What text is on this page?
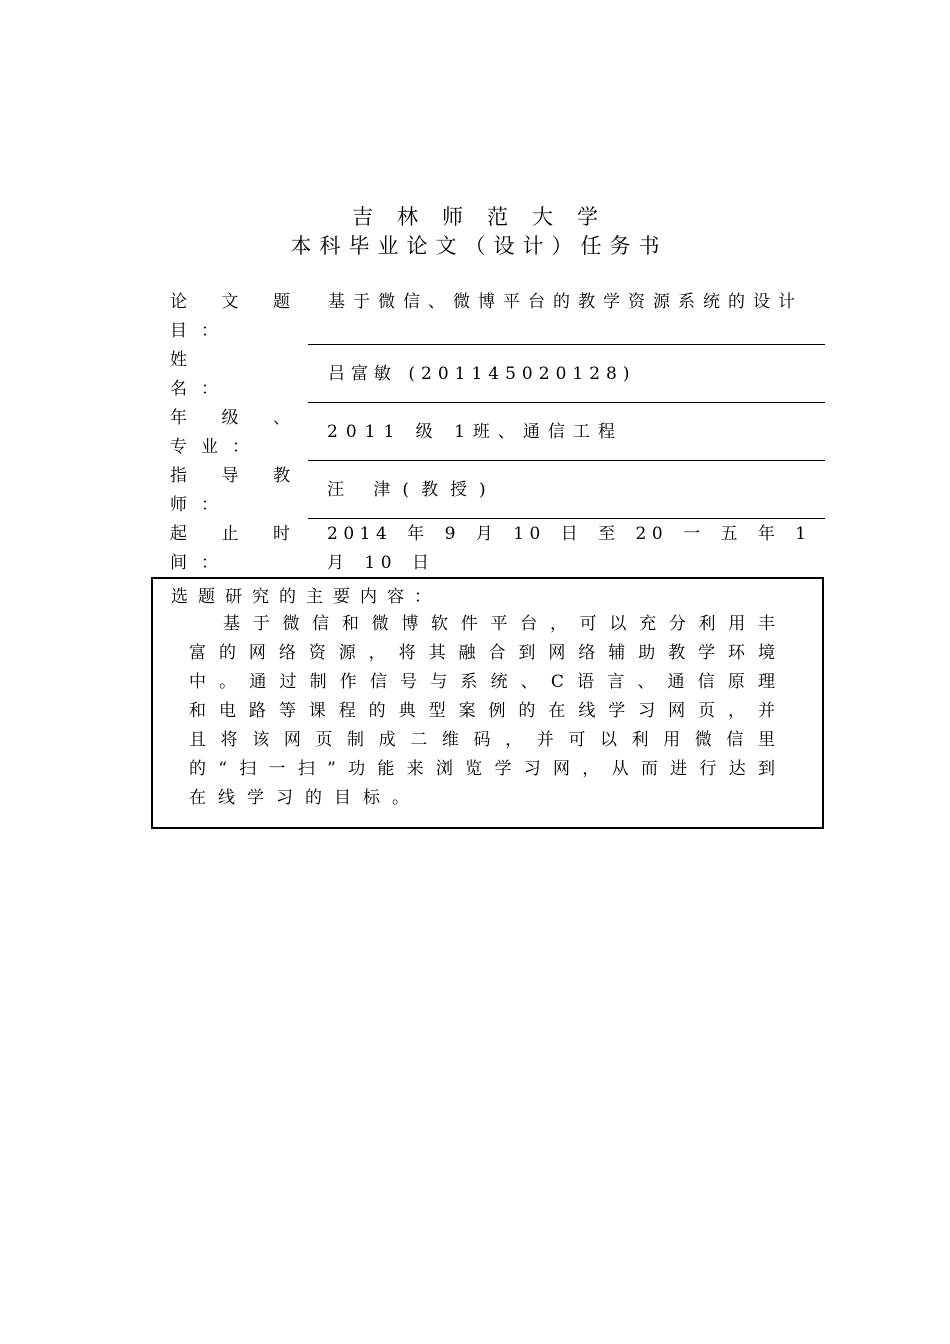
吉林师范大学
本科毕业论文（设计）任务书
论文题
目：
基于微信、微博平台的教学资源系统的设计
姓
名：
吕富敏 (201145020128)
年级、
专业：
2011 级 1班、通信工程
指导教
师：
汪 津(教授)
起止时
间：
2014 年 9 月 10 日 至 20 一 五 年 1 月 10 日
选题研究的主要内容：
基于微信和微博软件平台，可以充分利用丰富的网络资源，将其融合到网络辅助教学环境中。通过制作信号与系统、C语言、通信原理和电路等课程的典型案例的在线学习网页，并且将该网页制成二维码，并可以利用微信里的“扫一扫”功能来浏览学习网，从而进行达到在线学习的目标。
